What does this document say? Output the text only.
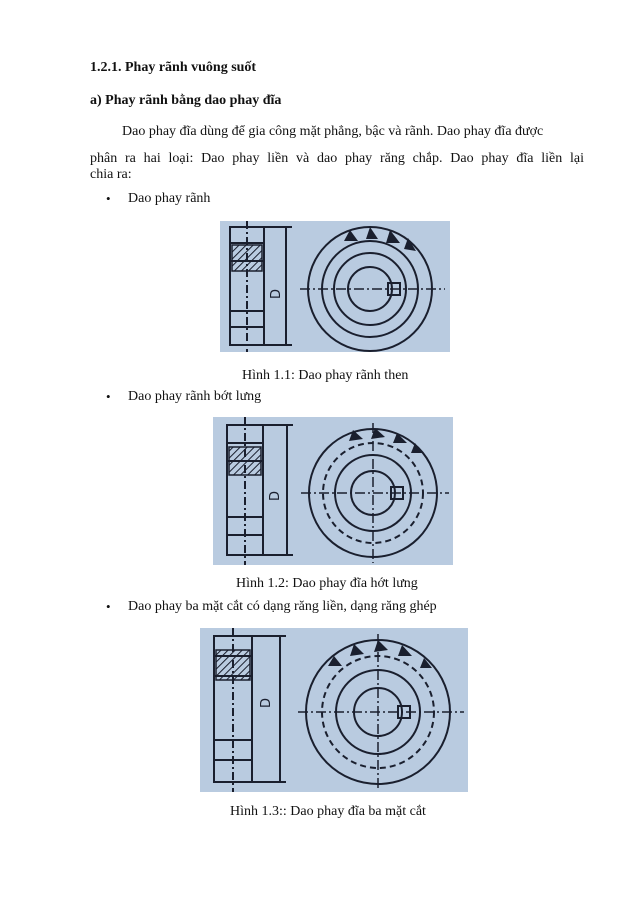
1.2.1. Phay rãnh vuông suốt
a) Phay rãnh bằng dao phay đĩa
Dao phay đĩa dùng để gia công mặt phẳng, bậc và rãnh. Dao phay đĩa được
phân ra hai loại: Dao phay liền và dao phay răng chắp. Dao phay đĩa liền lại
chia ra:
•	Dao phay rãnh
D
Hình 1.1: Dao phay rãnh then
•	Dao phay rãnh bớt lưng
D
Hình 1.2: Dao phay đĩa hớt lưng
•	Dao phay ba mặt cắt có dạng răng liền, dạng răng ghép
D
Hình 1.3:: Dao phay đĩa ba mặt cắt
